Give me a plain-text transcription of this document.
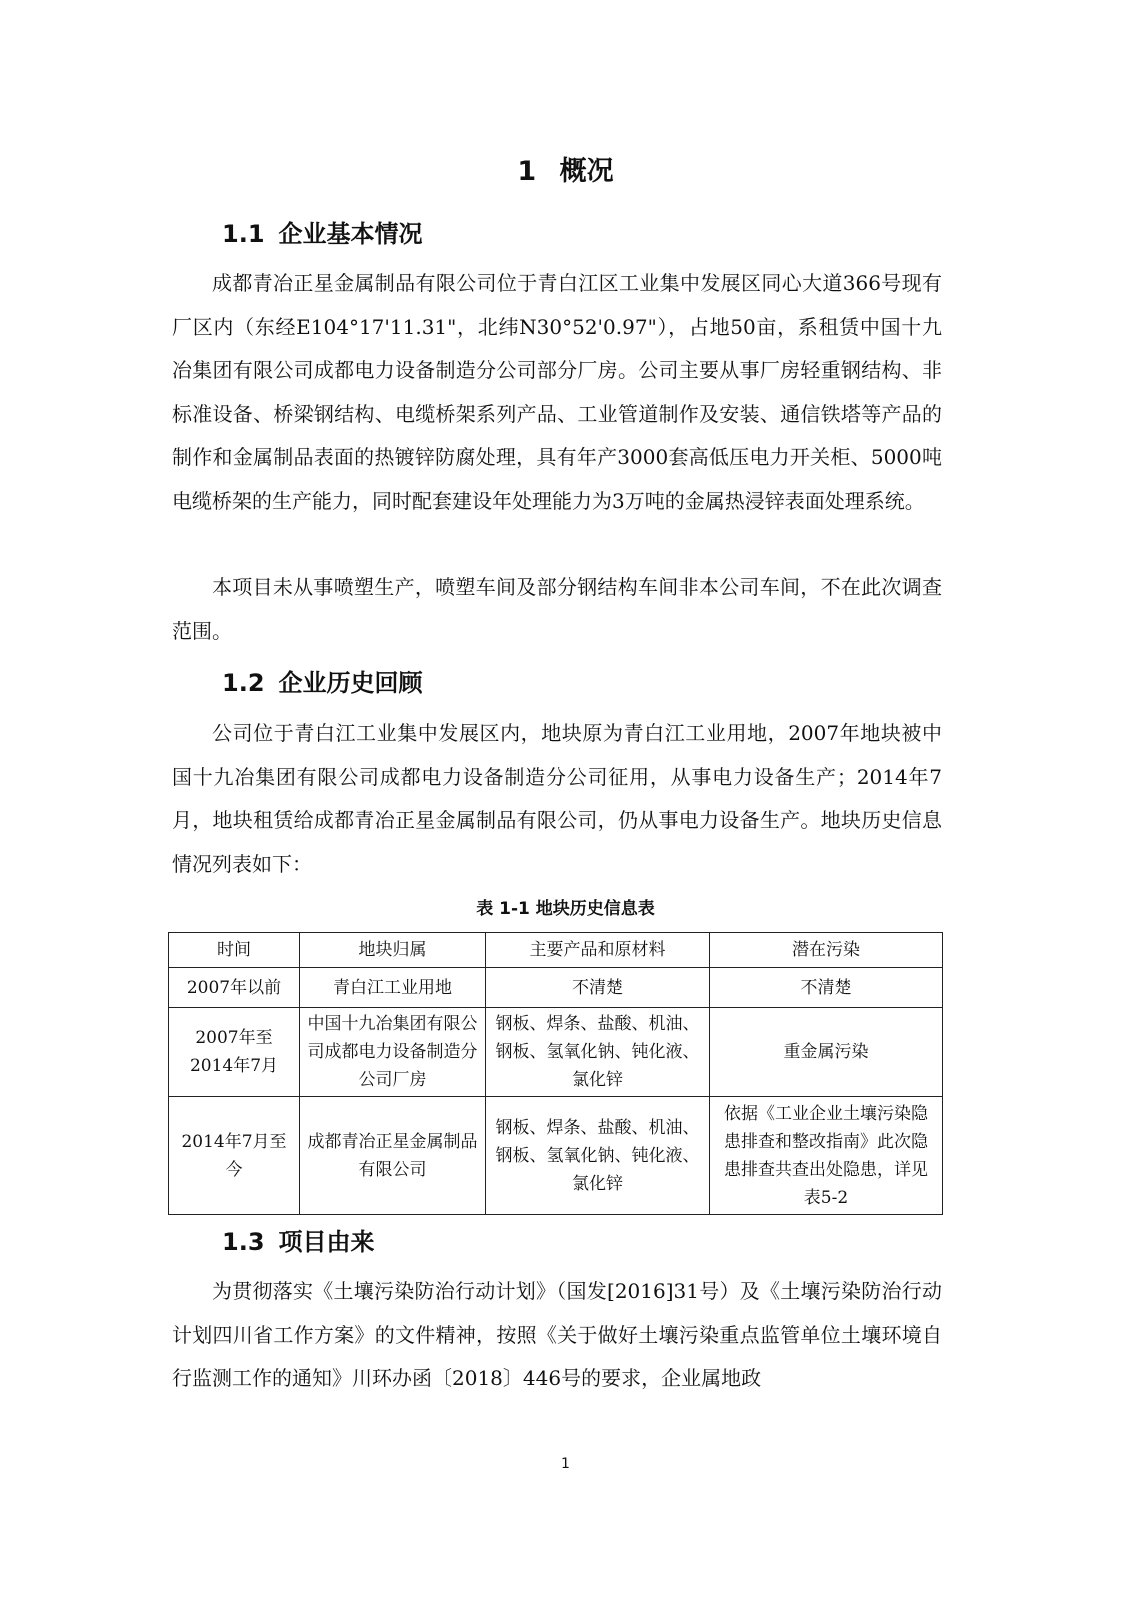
1 概况
1.1 企业基本情况

成都青冶正星金属制品有限公司位于青白江区工业集中发展区同心大道366号现有厂区内（东经E104°17'11.31"，北纬N30°52'0.97"），占地50亩，系租赁中国十九冶集团有限公司成都电力设备制造分公司部分厂房。公司主要从事厂房轻重钢结构、非标准设备、桥梁钢结构、电缆桥架系列产品、工业管道制作及安装、通信铁塔等产品的制作和金属制品表面的热镀锌防腐处理，具有年产3000套高低压电力开关柜、5000吨电缆桥架的生产能力，同时配套建设年处理能力为3万吨的金属热浸锌表面处理系统。

本项目未从事喷塑生产，喷塑车间及部分钢结构车间非本公司车间，不在此次调查范围。

1.2 企业历史回顾

公司位于青白江工业集中发展区内，地块原为青白江工业用地，2007年地块被中国十九冶集团有限公司成都电力设备制造分公司征用，从事电力设备生产；2014年7月，地块租赁给成都青冶正星金属制品有限公司，仍从事电力设备生产。地块历史信息情况列表如下：

表 1-1 地块历史信息表
时间	地块归属	主要产品和原材料	潜在污染
2007年以前	青白江工业用地	不清楚	不清楚
2007年至2014年7月	中国十九冶集团有限公司成都电力设备制造分公司厂房	钢板、焊条、盐酸、机油、钢板、氢氧化钠、钝化液、氯化锌	重金属污染
2014年7月至今	成都青冶正星金属制品有限公司	钢板、焊条、盐酸、机油、钢板、氢氧化钠、钝化液、氯化锌	依据《工业企业土壤污染隐患排查和整改指南》此次隐患排查共查出处隐患，详见表5-2
1.3 项目由来

为贯彻落实《土壤污染防治行动计划》（国发[2016]31号）及《土壤污染防治行动计划四川省工作方案》的文件精神，按照《关于做好土壤污染重点监管单位土壤环境自行监测工作的通知》川环办函〔2018〕446号的要求，企业属地政

1
